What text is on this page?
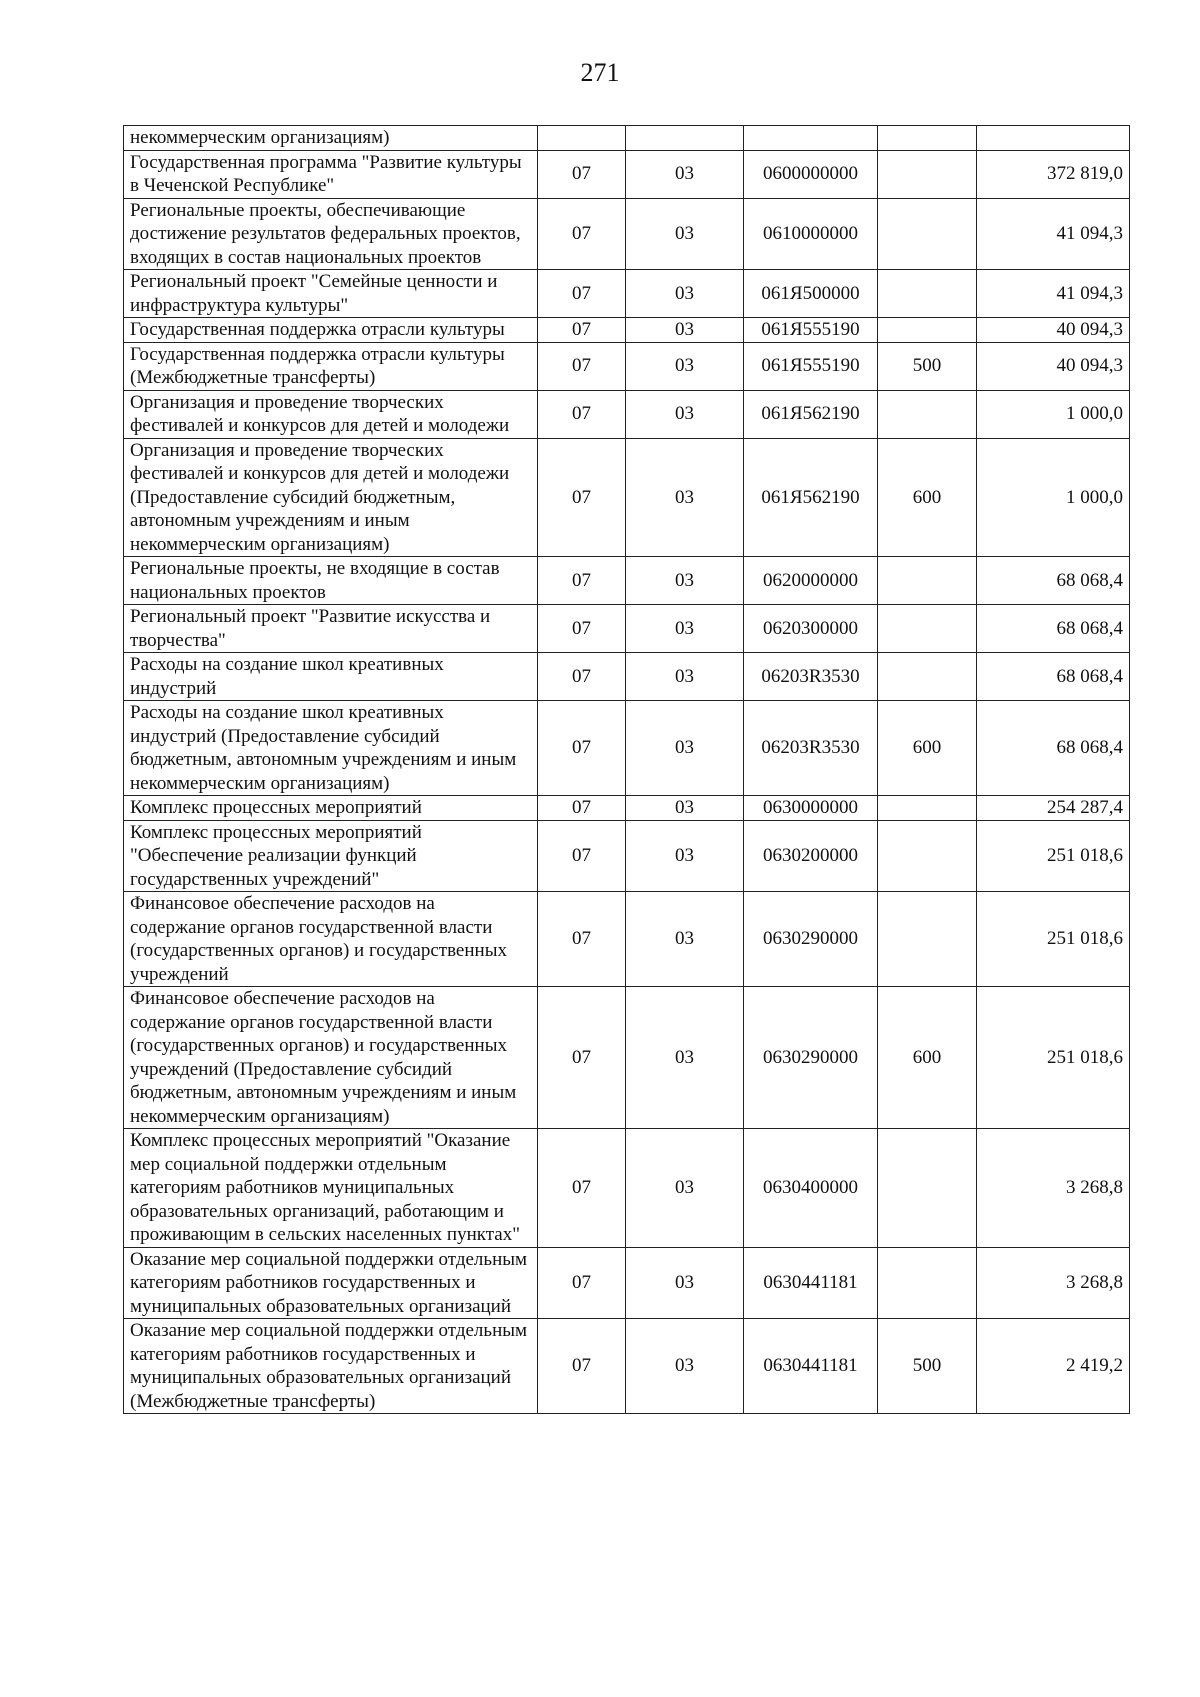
271
некоммерческим организациям)					
Государственная программа "Развитие культуры в Чеченской Республике"	07	03	0600000000		372 819,0
Региональные проекты, обеспечивающие достижение результатов федеральных проектов, входящих в состав национальных проектов	07	03	0610000000		41 094,3
Региональный проект "Семейные ценности и инфраструктура культуры"	07	03	061Я500000		41 094,3
Государственная поддержка отрасли культуры	07	03	061Я555190		40 094,3
Государственная поддержка отрасли культуры (Межбюджетные трансферты)	07	03	061Я555190	500	40 094,3
Организация и проведение творческих фестивалей и конкурсов для детей и молодежи	07	03	061Я562190		1 000,0
Организация и проведение творческих фестивалей и конкурсов для детей и молодежи (Предоставление субсидий бюджетным, автономным учреждениям и иным некоммерческим организациям)	07	03	061Я562190	600	1 000,0
Региональные проекты, не входящие в состав национальных проектов	07	03	0620000000		68 068,4
Региональный проект "Развитие искусства и творчества"	07	03	0620300000		68 068,4
Расходы на создание школ креативных индустрий	07	03	06203R3530		68 068,4
Расходы на создание школ креативных индустрий (Предоставление субсидий бюджетным, автономным учреждениям и иным некоммерческим организациям)	07	03	06203R3530	600	68 068,4
Комплекс процессных мероприятий	07	03	0630000000		254 287,4
Комплекс процессных мероприятий "Обеспечение реализации функций государственных учреждений"	07	03	0630200000		251 018,6
Финансовое обеспечение расходов на содержание органов государственной власти (государственных органов) и государственных учреждений	07	03	0630290000		251 018,6
Финансовое обеспечение расходов на содержание органов государственной власти (государственных органов) и государственных учреждений (Предоставление субсидий бюджетным, автономным учреждениям и иным некоммерческим организациям)	07	03	0630290000	600	251 018,6
Комплекс процессных мероприятий "Оказание мер социальной поддержки отдельным категориям работников муниципальных образовательных организаций, работающим и проживающим в сельских населенных пунктах"	07	03	0630400000		3 268,8
Оказание мер социальной поддержки отдельным категориям работников государственных и муниципальных образовательных организаций	07	03	0630441181		3 268,8
Оказание мер социальной поддержки отдельным категориям работников государственных и муниципальных образовательных организаций (Межбюджетные трансферты)	07	03	0630441181	500	2 419,2
